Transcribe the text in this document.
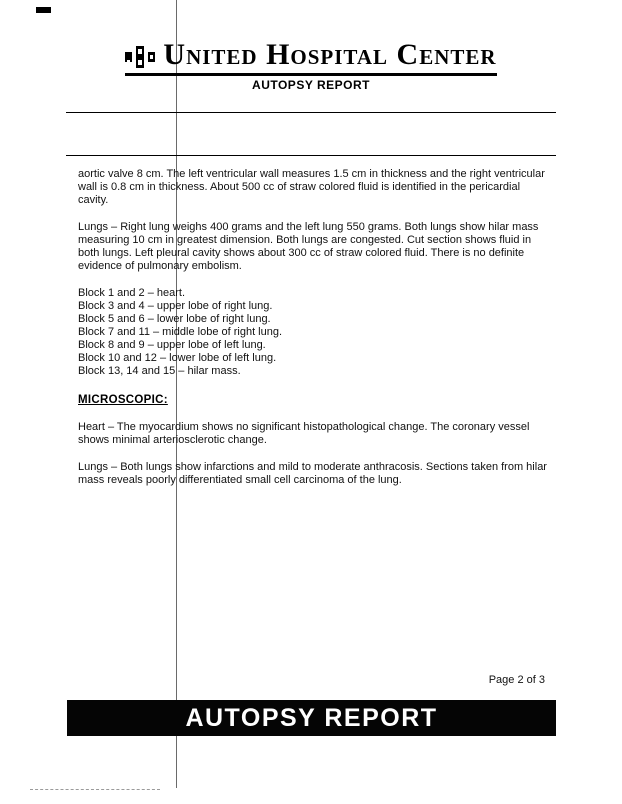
United Hospital Center
AUTOPSY REPORT

aortic valve 8 cm. The left ventricular wall measures 1.5 cm in thickness and the right ventricular wall is 0.8 cm in thickness. About 500 cc of straw colored fluid is identified in the pericardial cavity.

Lungs – Right lung weighs 400 grams and the left lung 550 grams. Both lungs show hilar mass measuring 10 cm in greatest dimension. Both lungs are congested. Cut section shows fluid in both lungs. Left pleural cavity shows about 300 cc of straw colored fluid. There is no definite evidence of pulmonary embolism.

Block 1 and 2 – heart.
Block 3 and 4 – upper lobe of right lung.
Block 5 and 6 – lower lobe of right lung.
Block 7 and 11 – middle lobe of right lung.
Block 8 and 9 – upper lobe of left lung.
Block 10 and 12 – lower lobe of left lung.
Block 13, 14 and 15 – hilar mass.
MICROSCOPIC:

Heart – The myocardium shows no significant histopathological change. The coronary vessel shows minimal arteriosclerotic change.

Lungs – Both lungs show infarctions and mild to moderate anthracosis. Sections taken from hilar mass reveals poorly differentiated small cell carcinoma of the lung.

Page 2 of 3
AUTOPSY REPORT
